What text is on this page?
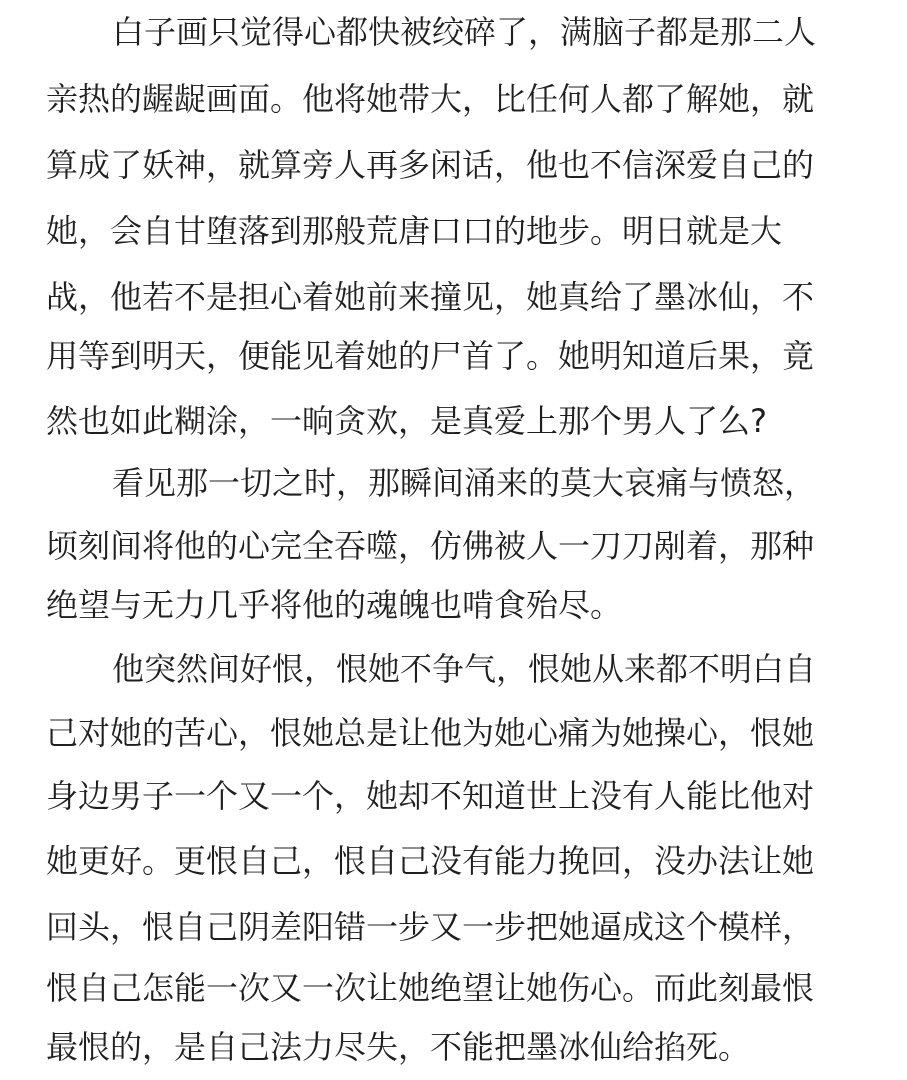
白子画只觉得心都快被绞碎了，满脑子都是那二人
亲热的龌龊画面。他将她带大，比任何人都了解她，就
算成了妖神，就算旁人再多闲话，他也不信深爱自己的
她，会自甘堕落到那般荒唐口口的地步。明日就是大
战，他若不是担心着她前来撞见，她真给了墨冰仙，不
用等到明天，便能见着她的尸首了。她明知道后果，竟
然也如此糊涂，一晌贪欢，是真爱上那个男人了么?
看见那一切之时，那瞬间涌来的莫大哀痛与愤怒，
顷刻间将他的心完全吞噬，仿佛被人一刀刀剐着，那种
绝望与无力几乎将他的魂魄也啃食殆尽。
他突然间好恨，恨她不争气，恨她从来都不明白自
己对她的苦心，恨她总是让他为她心痛为她操心，恨她
身边男子一个又一个，她却不知道世上没有人能比他对
她更好。更恨自己，恨自己没有能力挽回，没办法让她
回头，恨自己阴差阳错一步又一步把她逼成这个模样，
恨自己怎能一次又一次让她绝望让她伤心。而此刻最恨
最恨的，是自己法力尽失，不能把墨冰仙给掐死。
